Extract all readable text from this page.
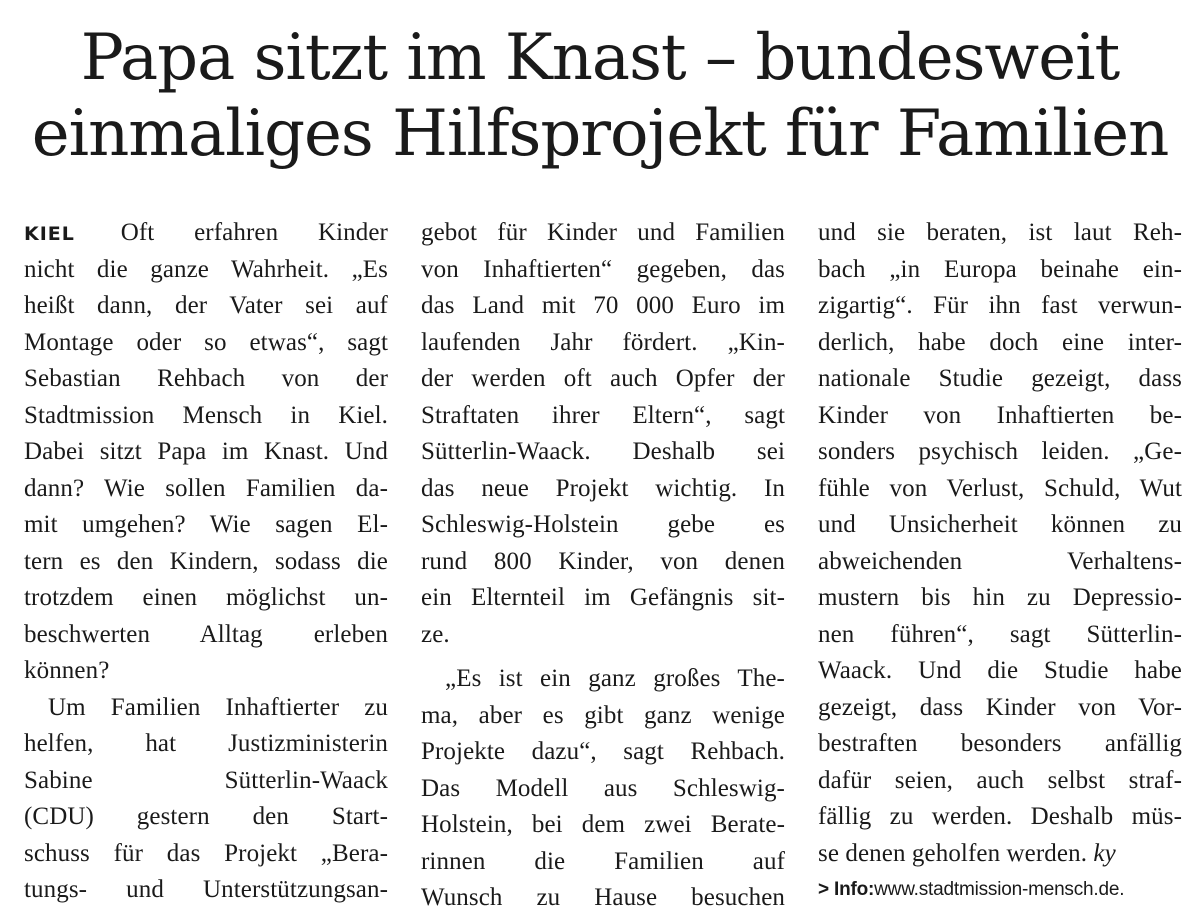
Papa sitzt im Knast – bundesweit
einmaliges Hilfsprojekt für Familien
KIEL Oft erfahren Kinder
nicht die ganze Wahrheit. „Es
heißt dann, der Vater sei auf
Montage oder so etwas“, sagt
Sebastian Rehbach von der
Stadtmission Mensch in Kiel.
Dabei sitzt Papa im Knast. Und
dann? Wie sollen Familien da-
mit umgehen? Wie sagen El-
tern es den Kindern, sodass die
trotzdem einen möglichst un-
beschwerten Alltag erleben
können?
Um Familien Inhaftierter zu
helfen, hat Justizministerin
Sabine Sütterlin-Waack
(CDU) gestern den Start-
schuss für das Projekt „Bera-
tungs- und Unterstützungsan-
gebot für Kinder und Familien
von Inhaftierten“ gegeben, das
das Land mit 70 000 Euro im
laufenden Jahr fördert. „Kin-
der werden oft auch Opfer der
Straftaten ihrer Eltern“, sagt
Sütterlin-Waack. Deshalb sei
das neue Projekt wichtig. In
Schleswig-Holstein gebe es
rund 800 Kinder, von denen
ein Elternteil im Gefängnis sit-
ze.
„Es ist ein ganz großes The-
ma, aber es gibt ganz wenige
Projekte dazu“, sagt Rehbach.
Das Modell aus Schleswig-
Holstein, bei dem zwei Berate-
rinnen die Familien auf
Wunsch zu Hause besuchen
und sie beraten, ist laut Reh-
bach „in Europa beinahe ein-
zigartig“. Für ihn fast verwun-
derlich, habe doch eine inter-
nationale Studie gezeigt, dass
Kinder von Inhaftierten be-
sonders psychisch leiden. „Ge-
fühle von Verlust, Schuld, Wut
und Unsicherheit können zu
abweichenden Verhaltens-
mustern bis hin zu Depressio-
nen führen“, sagt Sütterlin-
Waack. Und die Studie habe
gezeigt, dass Kinder von Vor-
bestraften besonders anfällig
dafür seien, auch selbst straf-
fällig zu werden. Deshalb müs-
se denen geholfen werden. ky
> Info:www.stadtmission-mensch.de.
